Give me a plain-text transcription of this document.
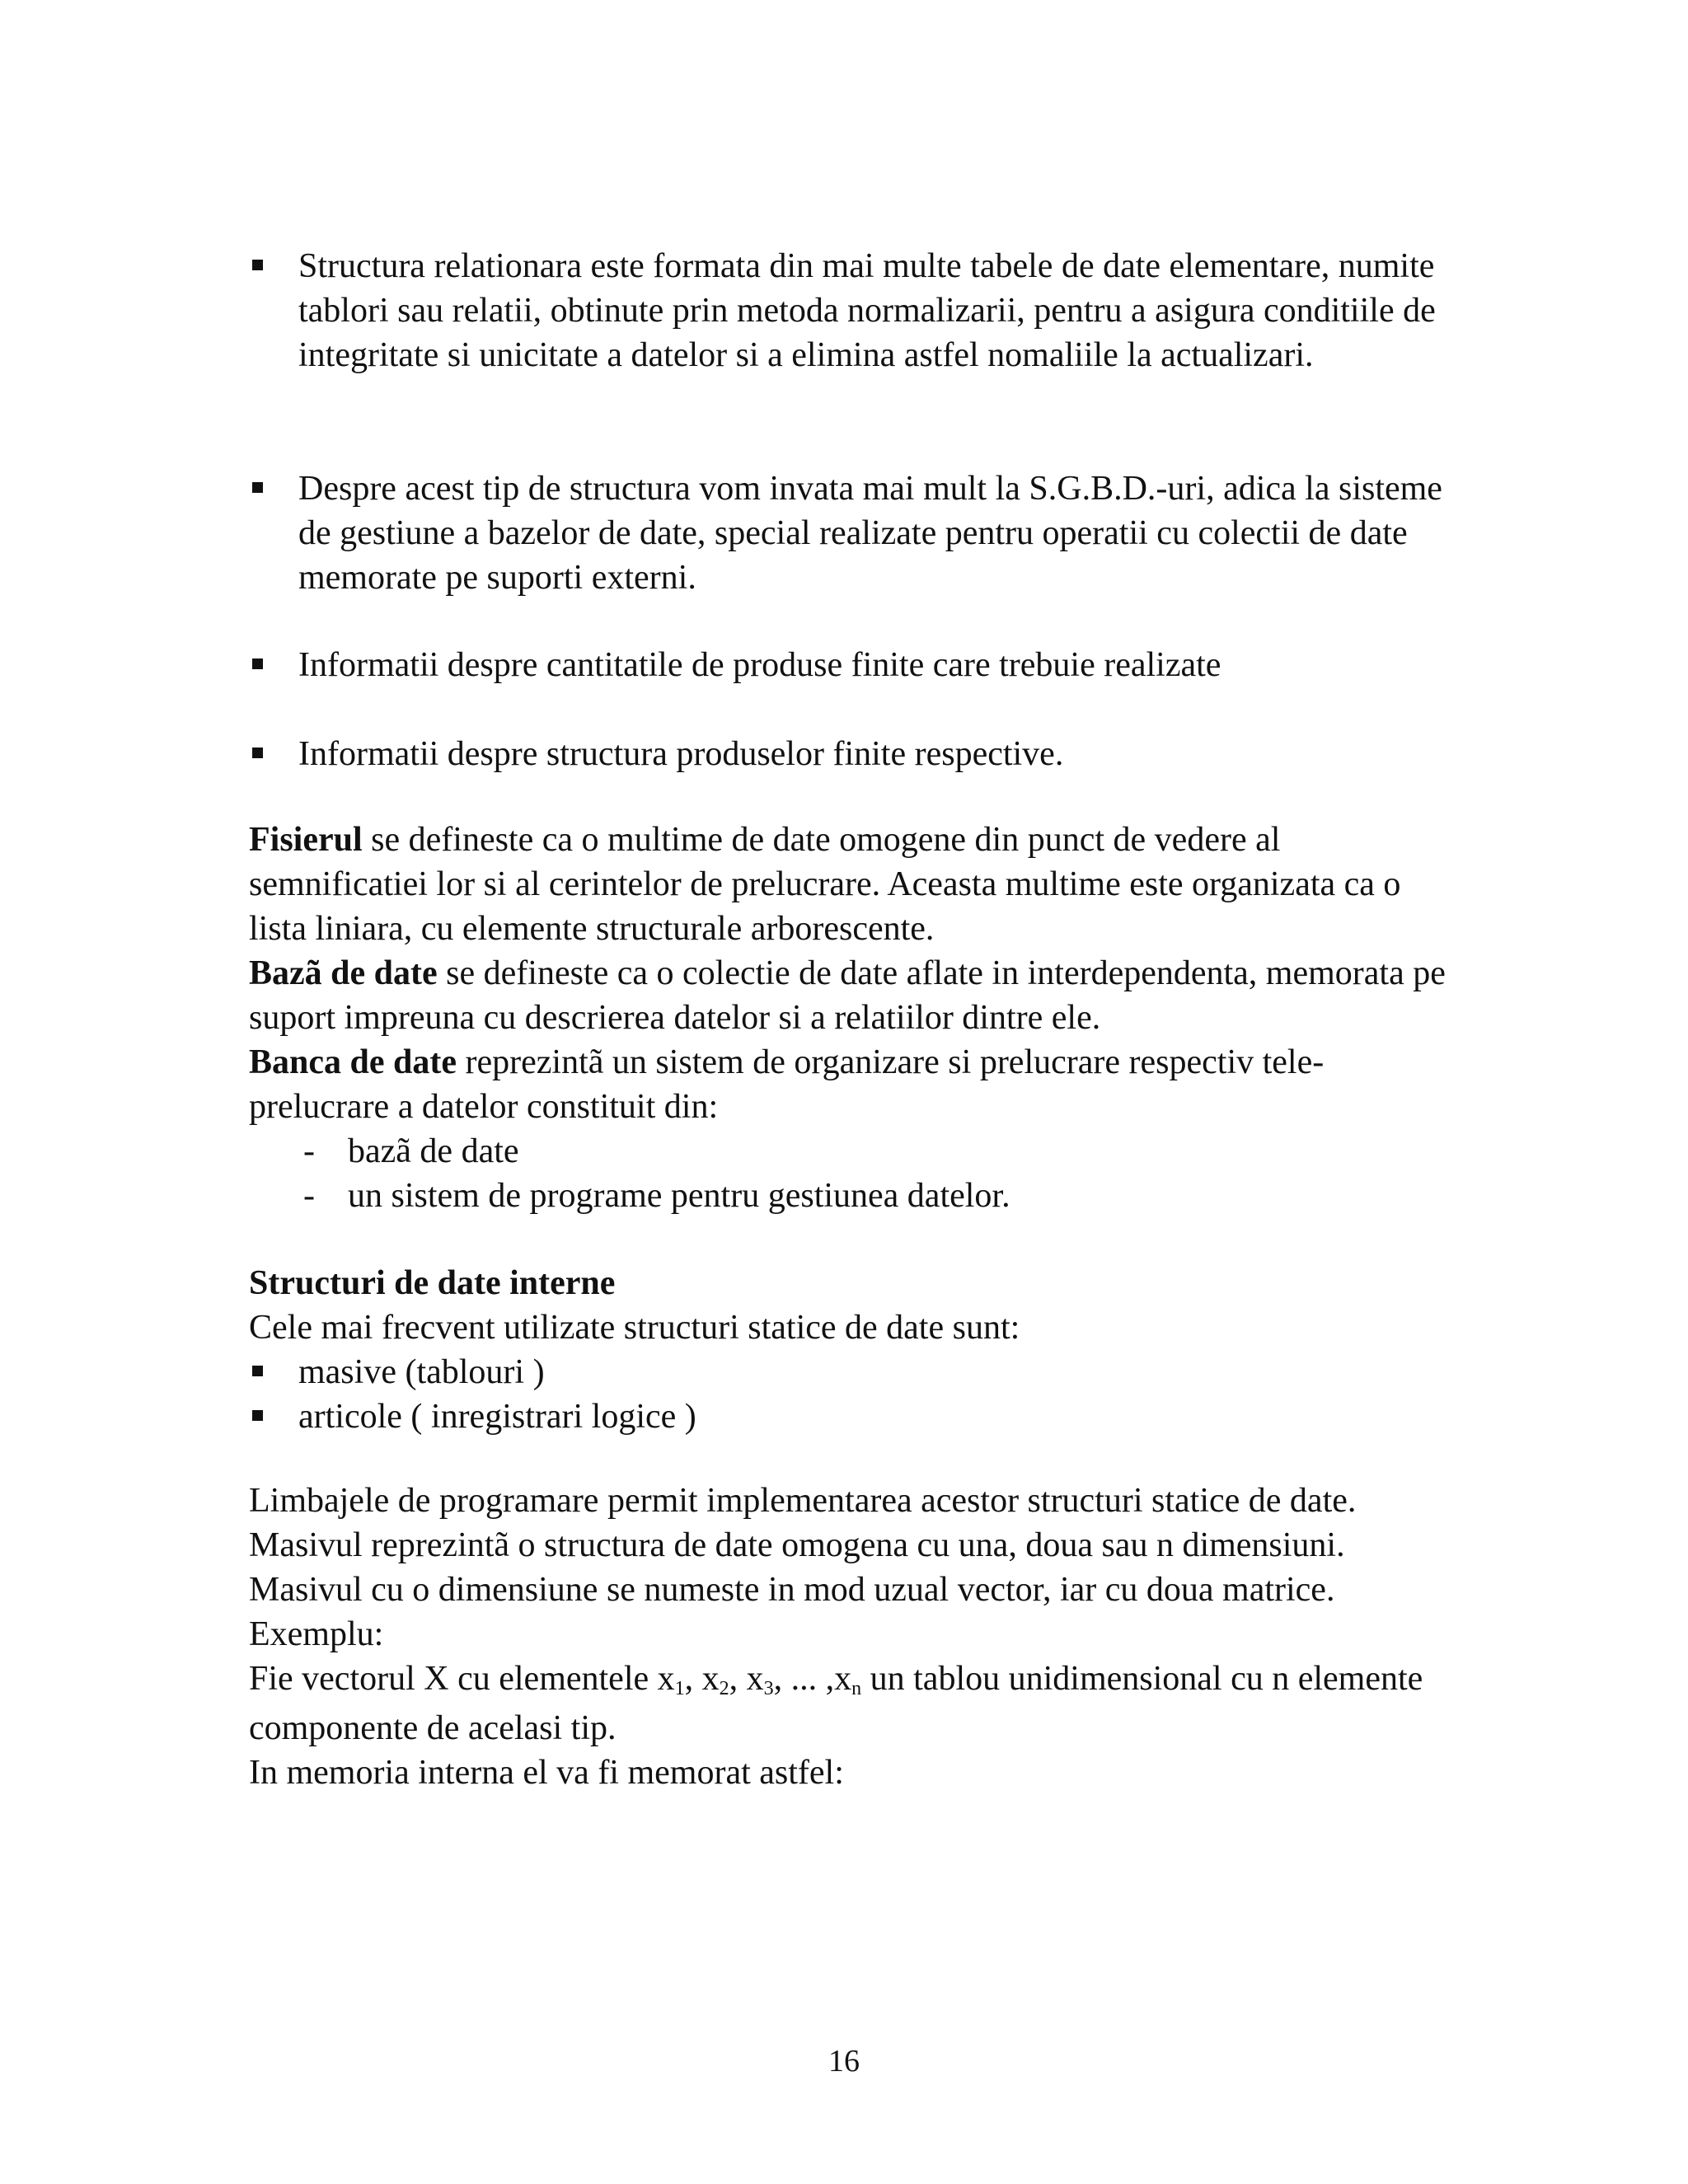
Structura relationara este formata din mai multe tabele de date elementare, numite tablori sau relatii, obtinute prin metoda normalizarii, pentru a asigura conditiile de integritate si unicitate a datelor si a elimina astfel nomaliile la actualizari.

Despre acest tip de structura vom invata mai mult la S.G.B.D.-uri, adica la sisteme de gestiune a bazelor de date, special realizate pentru operatii cu colectii de date memorate pe suporti externi.

Informatii despre cantitatile de produse finite care trebuie realizate

Informatii despre structura produselor finite respective.

Fisierul se defineste ca o multime de date omogene din punct de vedere al semnificatiei lor si al cerintelor de prelucrare. Aceasta multime este organizata ca o lista liniara, cu elemente structurale arborescente.

Bazã de date se defineste ca o colectie de date aflate in interdependenta, memorata pe suport impreuna cu descrierea datelor si a relatiilor dintre ele.

Banca de date reprezintã un sistem de organizare si prelucrare respectiv tele-prelucrare a datelor constituit din:

- bazã de date

- un sistem de programe pentru gestiunea datelor.

Structuri de date interne

Cele mai frecvent utilizate structuri statice de date sunt:

masive (tablouri )

articole ( inregistrari logice )

Limbajele de programare permit implementarea acestor structuri statice de date.

Masivul reprezintã o structura de date omogena cu una, doua sau n dimensiuni. Masivul cu o dimensiune se numeste in mod uzual vector, iar cu doua matrice.

Exemplu:

Fie vectorul X cu elementele $x_1$, $x_2$, $x_3$, ... $,x_n$ un tablou unidimensional cu n elemente componente de acelasi tip.

In memoria interna el va fi memorat astfel:

16
